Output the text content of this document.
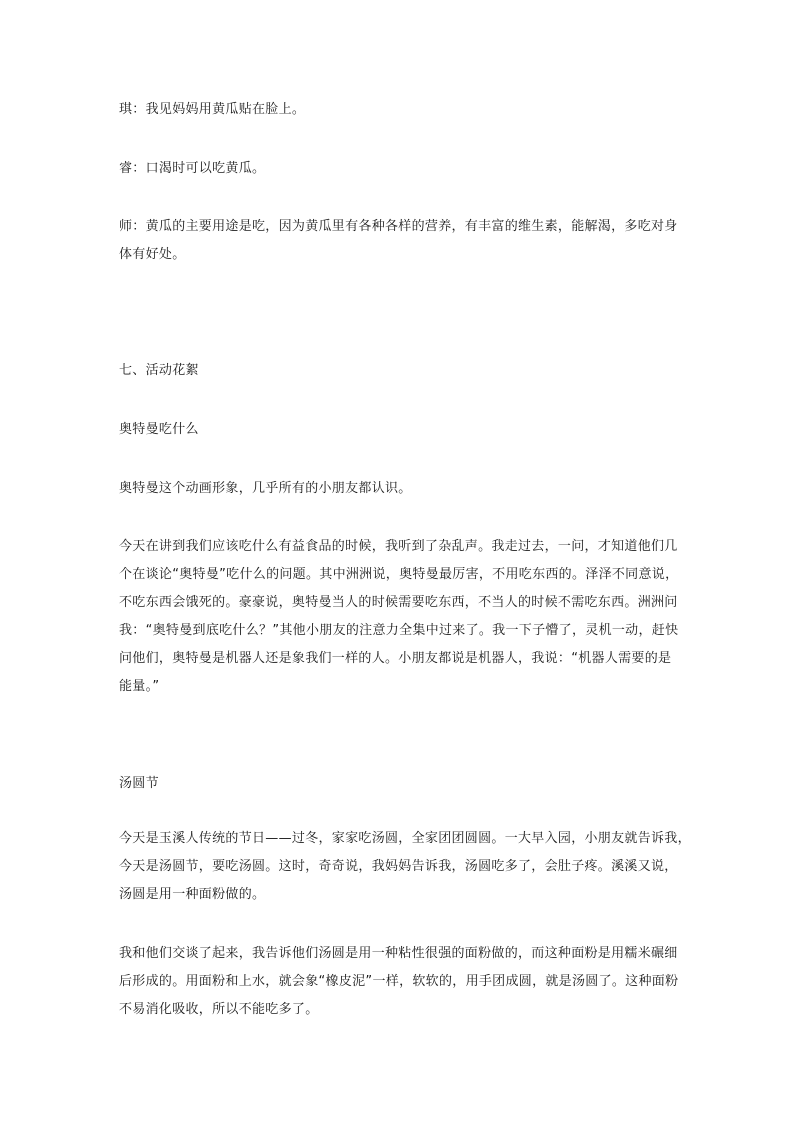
琪：我见妈妈用黄瓜贴在脸上。

睿：口渴时可以吃黄瓜。

师：黄瓜的主要用途是吃，因为黄瓜里有各种各样的营养，有丰富的维生素，能解渴，多吃对身
体有好处。

七、活动花絮

奥特曼吃什么

奥特曼这个动画形象，几乎所有的小朋友都认识。

今天在讲到我们应该吃什么有益食品的时候，我听到了杂乱声。我走过去，一问，才知道他们几
个在谈论“奥特曼”吃什么的问题。其中洲洲说，奥特曼最厉害，不用吃东西的。泽泽不同意说，
不吃东西会饿死的。豪豪说，奥特曼当人的时候需要吃东西，不当人的时候不需吃东西。洲洲问
我：“奥特曼到底吃什么？”其他小朋友的注意力全集中过来了。我一下子懵了，灵机一动，赶快
问他们，奥特曼是机器人还是象我们一样的人。小朋友都说是机器人，我说：“机器人需要的是
能量。”

汤圆节

今天是玉溪人传统的节日——过冬，家家吃汤圆，全家团团圆圆。一大早入园，小朋友就告诉我，
今天是汤圆节，要吃汤圆。这时，奇奇说，我妈妈告诉我，汤圆吃多了，会肚子疼。溪溪又说，
汤圆是用一种面粉做的。

我和他们交谈了起来，我告诉他们汤圆是用一种粘性很强的面粉做的，而这种面粉是用糯米碾细
后形成的。用面粉和上水，就会象“橡皮泥”一样，软软的，用手团成圆，就是汤圆了。这种面粉
不易消化吸收，所以不能吃多了。
